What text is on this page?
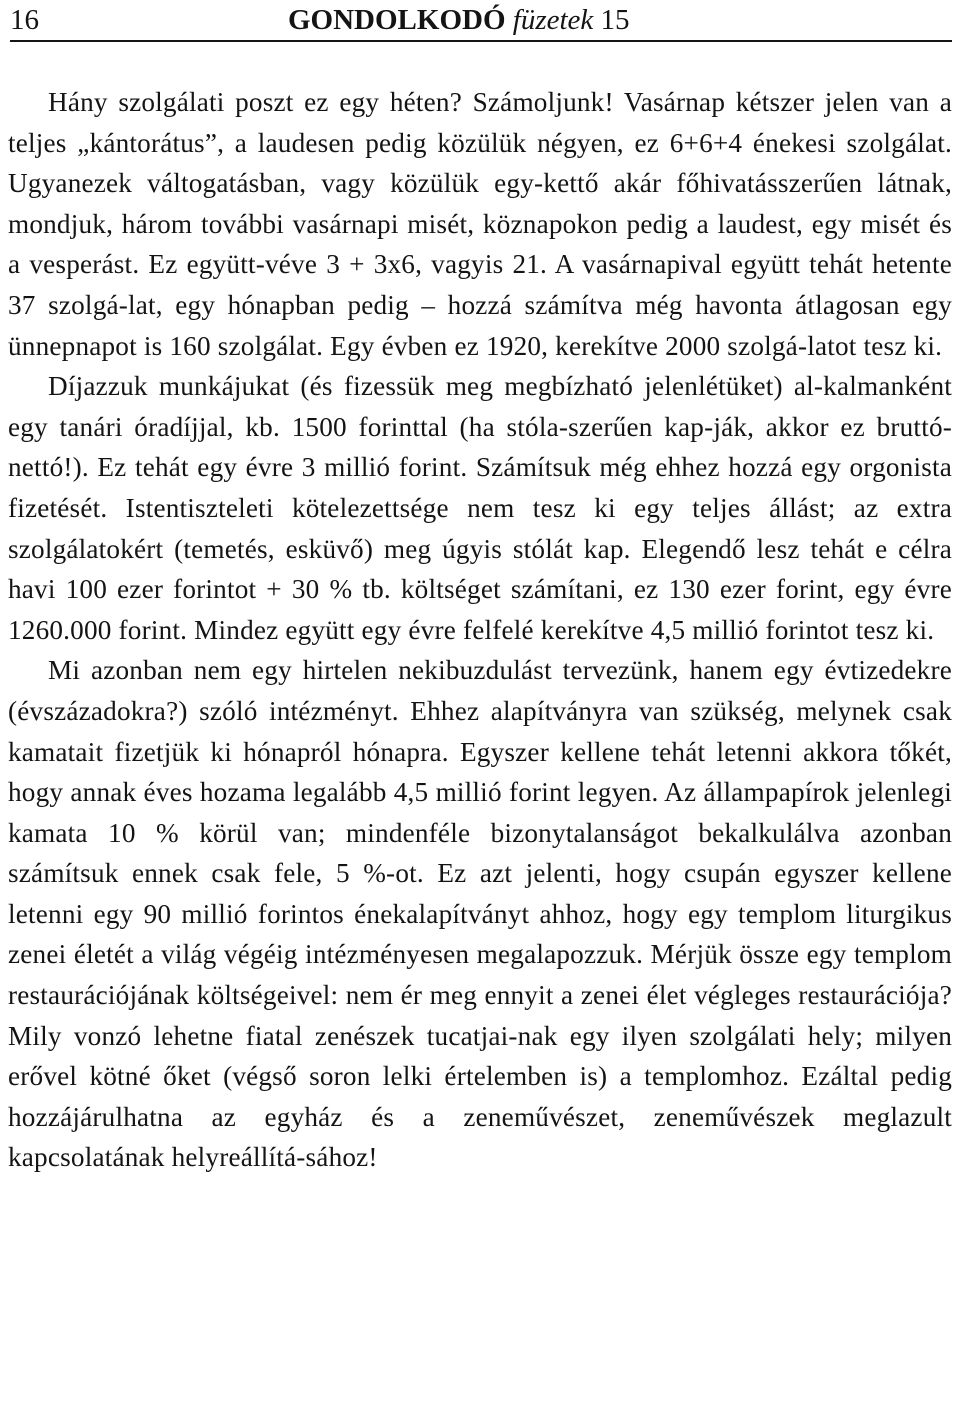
16	GONDOLKODÓ füzetek 15

Hány szolgálati poszt ez egy héten? Számoljunk! Vasárnap kétszer jelen van a teljes „kántorátus”, a laudesen pedig közülük négyen, ez 6+6+4 énekesi szolgálat. Ugyanezek váltogatásban, vagy közülük egy-kettő akár főhivatásszerűen látnak, mondjuk, három további vasárnapi misét, köznapokon pedig a laudest, egy misét és a vesperást. Ez együtt-véve 3 + 3x6, vagyis 21. A vasárnapival együtt tehát hetente 37 szolgá-lat, egy hónapban pedig – hozzá számítva még havonta átlagosan egy ünnepnapot is 160 szolgálat. Egy évben ez 1920, kerekítve 2000 szolgá-latot tesz ki.

Díjazzuk munkájukat (és fizessük meg megbízható jelenlétüket) al-kalmanként egy tanári óradíjjal, kb. 1500 forinttal (ha stóla-szerűen kap-ják, akkor ez bruttó-nettó!). Ez tehát egy évre 3 millió forint. Számítsuk még ehhez hozzá egy orgonista fizetését. Istentiszteleti kötelezettsége nem tesz ki egy teljes állást; az extra szolgálatokért (temetés, esküvő) meg úgyis stólát kap. Elegendő lesz tehát e célra havi 100 ezer forintot + 30 % tb. költséget számítani, ez 130 ezer forint, egy évre 1260.000 forint. Mindez együtt egy évre felfelé kerekítve 4,5 millió forintot tesz ki.

Mi azonban nem egy hirtelen nekibuzdulást tervezünk, hanem egy évtizedekre (évszázadokra?) szóló intézményt. Ehhez alapítványra van szükség, melynek csak kamatait fizetjük ki hónapról hónapra. Egyszer kellene tehát letenni akkora tőkét, hogy annak éves hozama legalább 4,5 millió forint legyen. Az állampapírok jelenlegi kamata 10 % körül van; mindenféle bizonytalanságot bekalkulálva azonban számítsuk ennek csak fele, 5 %-ot. Ez azt jelenti, hogy csupán egyszer kellene letenni egy 90 millió forintos énekalapítványt ahhoz, hogy egy templom liturgikus zenei életét a világ végéig intézményesen megalapozzuk. Mérjük össze egy templom restaurációjának költségeivel: nem ér meg ennyit a zenei élet végleges restaurációja? Mily vonzó lehetne fiatal zenészek tucatjai-nak egy ilyen szolgálati hely; milyen erővel kötné őket (végső soron lelki értelemben is) a templomhoz. Ezáltal pedig hozzájárulhatna az egyház és a zeneművészet, zeneművészek meglazult kapcsolatának helyreállítá-sához!
